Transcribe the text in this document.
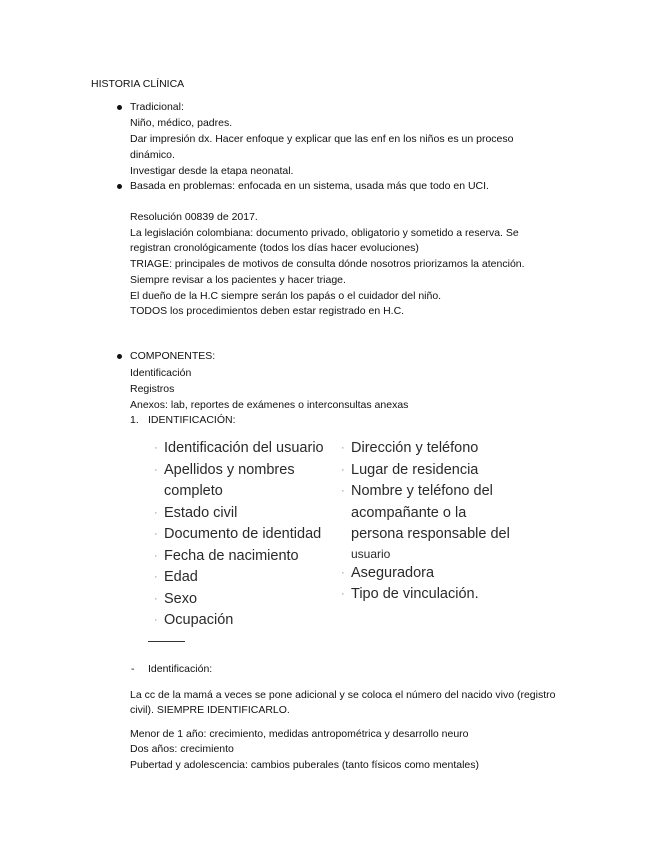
HISTORIA CLÍNICA
Tradicional:
Niño, médico, padres.
Dar impresión dx. Hacer enfoque y explicar que las enf en los niños es un proceso
dinámico.
Investigar desde la etapa neonatal.
Basada en problemas: enfocada en un sistema, usada más que todo en UCI.
Resolución 00839 de 2017.
La legislación colombiana: documento privado, obligatorio y sometido a reserva. Se
registran cronológicamente (todos los días hacer evoluciones)
TRIAGE: principales de motivos de consulta dónde nosotros priorizamos la atención.
Siempre revisar a los pacientes y hacer triage.
El dueño de la H.C siempre serán los papás o el cuidador del niño.
TODOS los procedimientos deben estar registrado en H.C.
COMPONENTES:
Identificación
Registros
Anexos: lab, reportes de exámenes o interconsultas anexas
1. IDENTIFICACIÓN:
· Identificación del usuario
· Apellidos y nombres
completo
· Estado civil
· Documento de identidad
· Fecha de nacimiento
· Edad
· Sexo
· Ocupación
· Dirección y teléfono
· Lugar de residencia
· Nombre y teléfono del
acompañante o la
persona responsable del
usuario
· Aseguradora
· Tipo de vinculación.
- Identificación:
La cc de la mamá a veces se pone adicional y se coloca el número del nacido vivo (registro
civil). SIEMPRE IDENTIFICARLO.
Menor de 1 año: crecimiento, medidas antropométrica y desarrollo neuro
Dos años: crecimiento
Pubertad y adolescencia: cambios puberales (tanto físicos como mentales)
